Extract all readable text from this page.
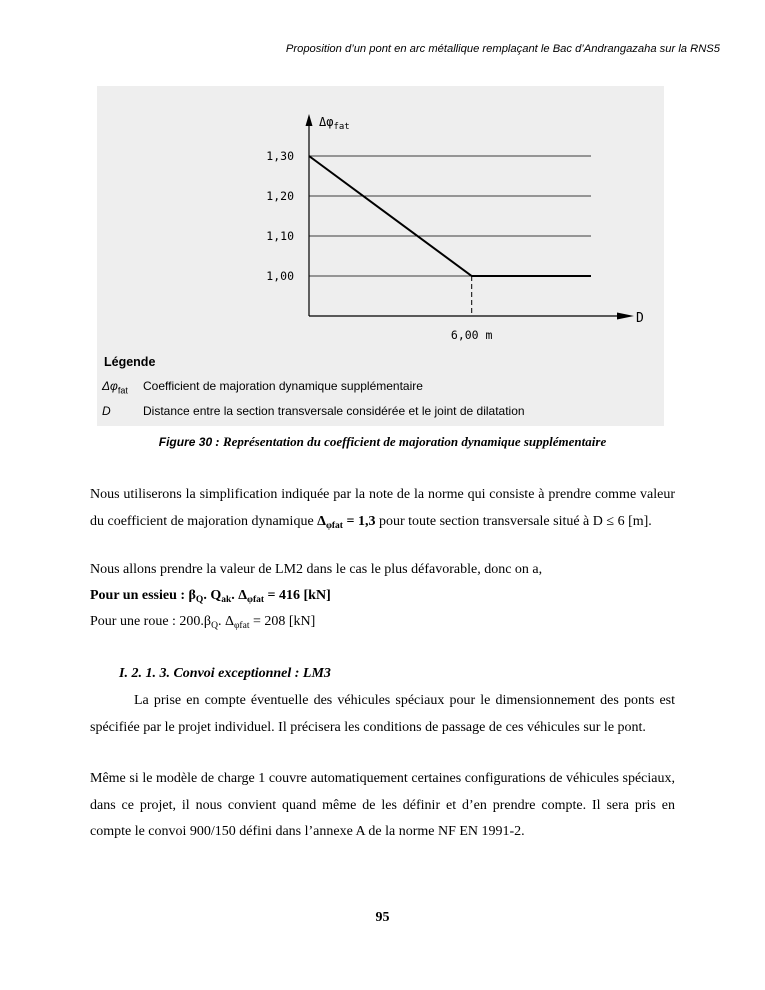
Proposition d’un pont en arc métallique remplaçant le Bac d’Andrangazaha sur la RNS5
1,30
1,20
1,10
1,00
$\Delta\varphi_{fat}$
D
6,00 m
Légende
$\Delta\varphi_{fat}$ Coefficient de majoration dynamique supplémentaire
D	Distance entre la section transversale considérée et le joint de dilatation
Figure 30 : Représentation du coefficient de majoration dynamique supplémentaire
Nous utiliserons la simplification indiquée par la note de la norme qui consiste à prendre comme valeur du coefficient de majoration dynamique $\Delta_{\varphi fat} = 1,3$ pour toute section transversale situé à D ≤ 6 [m].
Nous allons prendre la valeur de LM2 dans le cas le plus défavorable, donc on a,
Pour un essieu : $\beta_Q$. $Q_{ak}$. $\Delta_{\varphi fat} = 416$ [kN]
Pour une roue : $200.\beta_Q$. $\Delta_{\varphi fat} = 208$ [kN]
I. 2. 1. 3. Convoi exceptionnel : LM3
La prise en compte éventuelle des véhicules spéciaux pour le dimensionnement des ponts est spécifiée par le projet individuel. Il précisera les conditions de passage de ces véhicules sur le pont.
Même si le modèle de charge 1 couvre automatiquement certaines configurations de véhicules spéciaux, dans ce projet, il nous convient quand même de les définir et d’en prendre compte. Il sera pris en compte le convoi 900/150 défini dans l’annexe A de la norme NF EN 1991-2.
95
